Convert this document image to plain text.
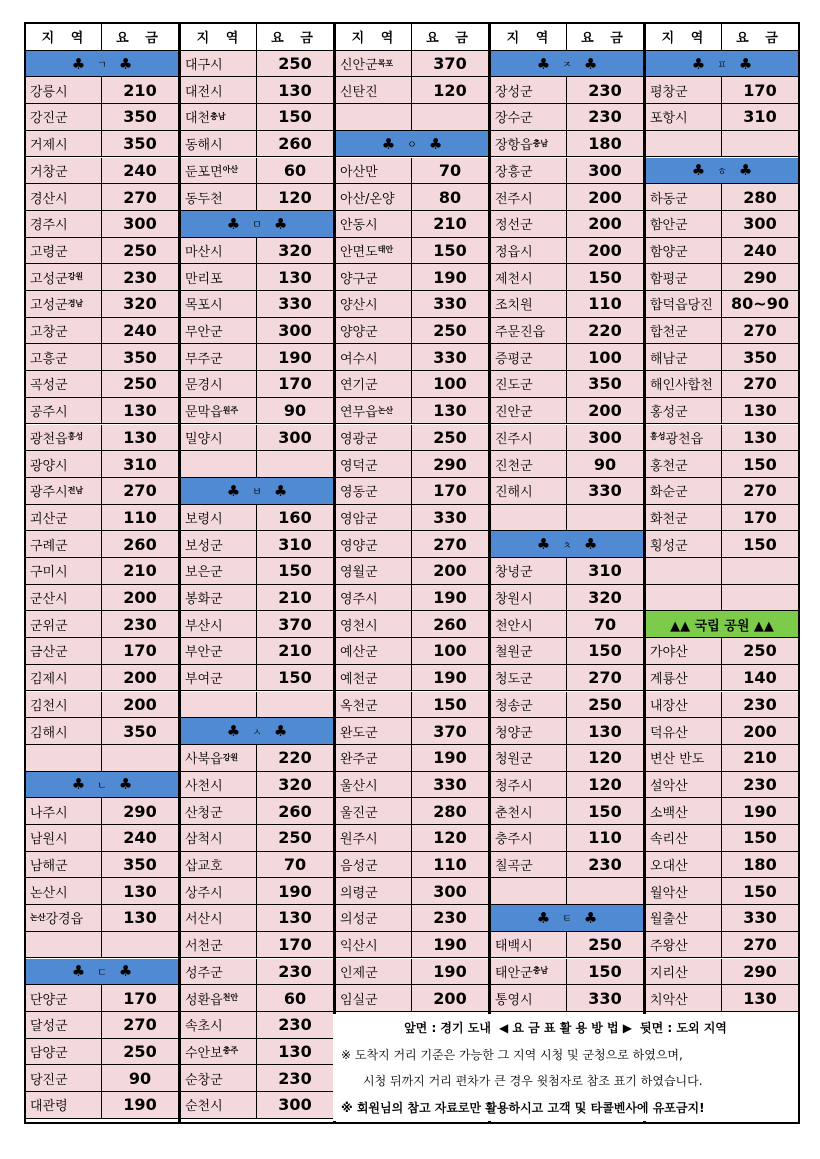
지 역	요 금
♣ ㄱ ♣
강릉시	210
강진군	350
거제시	350
거창군	240
경산시	270
경주시	300
고령군	250
고성군 강원	230
고성군 경남	320
고창군	240
고흥군	350
곡성군	250
공주시	130
광천읍 홍성	130
광양시	310
광주시 전남	270
괴산군	110
구례군	260
구미시	210
군산시	200
군위군	230
금산군	170
김제시	200
김천시	200
김해시	350
♣ ㄴ ♣
나주시	290
남원시	240
남해군	350
논산시	130
논산 강경읍	130
♣ ㄷ ♣
단양군	170
달성군	270
담양군	250
당진군	90
대관령	190
지 역	요 금
대구시	250
대전시	130
대천 충남	150
동해시	260
둔포면 아산	60
동두천	120
♣ ㅁ ♣
마산시	320
만리포	130
목포시	330
무안군	300
무주군	190
문경시	170
문막읍 원주	90
밀양시	300
♣ ㅂ ♣
보령시	160
보성군	310
보은군	150
봉화군	210
부산시	370
부안군	210
부여군	150
♣ ㅅ ♣
사북읍 강원	220
사천시	320
산청군	260
삼척시	250
삽교호	70
상주시	190
서산시	130
서천군	170
성주군	230
성환읍 천안	60
속초시	230
수안보 충주	130
순창군	230
순천시	300
지 역	요 금
신안군 목포	370
신탄진	120
♣ ㅇ ♣
아산만	70
아산/온양	80
안동시	210
안면도 태안	150
양구군	190
양산시	330
양양군	250
여수시	330
연기군	100
연무읍 논산	130
영광군	250
영덕군	290
영동군	170
영암군	330
영양군	270
영월군	200
영주시	190
영천시	260
예산군	100
예천군	190
옥천군	150
완도군	370
완주군	190
울산시	330
울진군	280
원주시	120
음성군	110
의령군	300
의성군	230
익산시	190
인제군	190
임실군	200
지 역	요 금
♣ ㅈ ♣
장성군	230
장수군	230
장항읍 충남	180
장흥군	300
전주시	200
정선군	200
정읍시	200
제천시	150
조치원	110
주문진읍	220
증평군	100
진도군	350
진안군	200
진주시	300
진천군	90
진해시	330
♣ ㅊ ♣
창녕군	310
창원시	320
천안시	70
철원군	150
청도군	270
청송군	250
청양군	130
청원군	120
청주시	120
춘천시	150
충주시	110
칠곡군	230
♣ ㅌ ♣
태백시	250
태안군 충남	150
통영시	330
지 역	요 금
♣ ㅍ ♣
평창군	170
포항시	310
♣ ㅎ ♣
하동군	280
함안군	300
함양군	240
함평군	290
합덕읍당진	80~90
합천군	270
해남군	350
해인사합천	270
홍성군	130
홍성 광천읍	130
홍천군	150
화순군	270
화천군	170
횡성군	150
▲▲ 국립 공원 ▲▲
가야산	250
계룡산	140
내장산	230
덕유산	200
변산 반도	210
설악산	230
소백산	190
속리산	150
오대산	180
월악산	150
월출산	330
주왕산	270
지리산	290
치악산	130
앞면 : 경기 도내 ◀ 요 금 표 활 용 방 법 ▶ 뒷면 : 도외 지역
※ 도착지 거리 기준은 가능한 그 지역 시청 및 군청으로 하였으며,
시청 뒤까지 거리 편차가 큰 경우 윗첨자로 참조 표기 하였습니다.
※ 회원님의 참고 자료로만 활용하시고 고객 및 타콜벤사에 유포금지!
